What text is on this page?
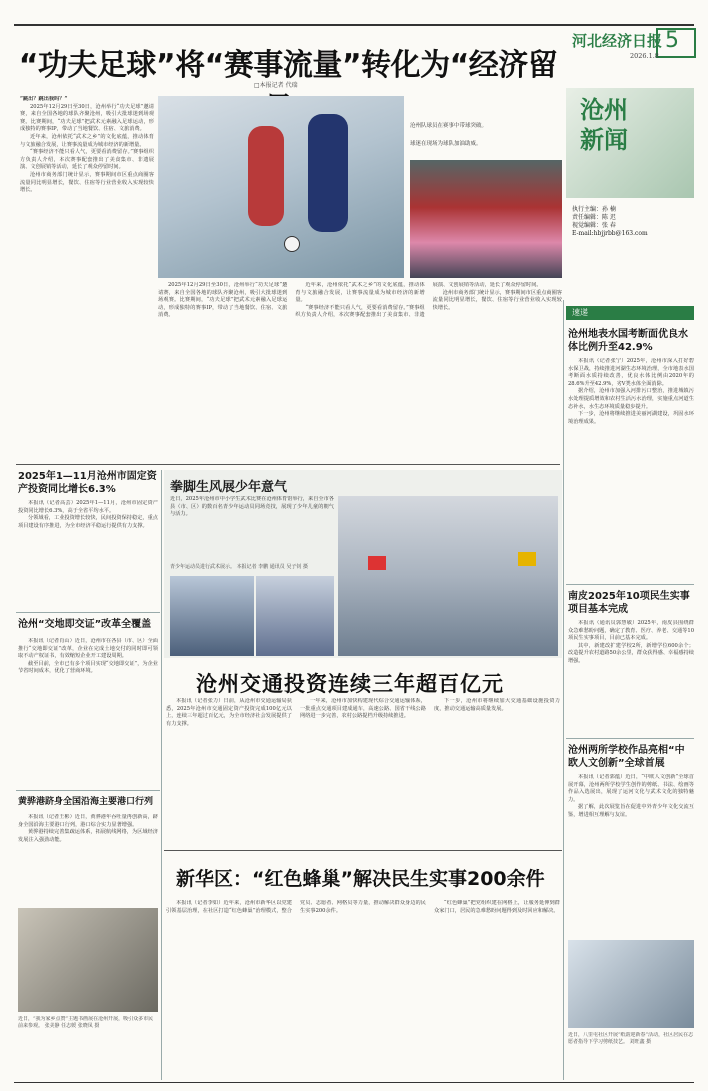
“功夫足球”将“赛事流量”转化为“经济留
□本报记者 代瑞
河北经济日报 5
2026.1.8
沧州新闻
执行主编：孙 楠
责任编辑：陈 迟
视觉编辑：张 春
E-mail:hbjjrbb@163.com

“跳出？跳出我吗？”

2025年12月29日至30日，沧州举行“功夫足球”邀请赛，来自全国各地的球队齐聚沧州，吸引大批球迷到场观赛。比赛期间，“功夫足球”把武术元素融入足球运动，形成独特的赛事IP，带动了当地餐饮、住宿、文旅消费。

近年来，沧州依托“武术之乡”的文化底蕴，推动体育与文旅融合发展，让赛事流量成为城市经济的新增量。

“赛事经济不能只看人气，更要看消费留存。”赛事组织方负责人介绍，本次赛事配套推出了美食集市、非遗展演、文创展销等活动，延长了观众停留时间。

沧州市商务部门统计显示，赛事期间市区重点商圈客流量同比明显增长，餐饮、住宿等行业营业收入实现较快增长。

沧州队球员在赛事中带球突破。
球迷在现场为球队加油助威。

2025年12月29日至30日，沧州举行“功夫足球”邀请赛，来自全国各地的球队齐聚沧州，吸引大批球迷到场观赛。比赛期间，“功夫足球”把武术元素融入足球运动，形成独特的赛事IP，带动了当地餐饮、住宿、文旅消费。

近年来，沧州依托“武术之乡”的文化底蕴，推动体育与文旅融合发展，让赛事流量成为城市经济的新增量。

“赛事经济不能只看人气，更要看消费留存。”赛事组织方负责人介绍，本次赛事配套推出了美食集市、非遗展演、文创展销等活动，延长了观众停留时间。

沧州市商务部门统计显示，赛事期间市区重点商圈客流量同比明显增长，餐饮、住宿等行业营业收入实现较快增长。

速递
沧州地表水国考断面优良水体比例升至42.9%

本报讯（记者张宁）2025年，沧州市深入打好碧水保卫战，持续推进河湖生态环境治理，全市地表水国考断面水质持续改善，优良水体比例由2020年的28.6%升至42.9%，劣Ⅴ类水体全面消除。

据介绍，沧州市加强入河排污口整治，推进城镇污水处理提质增效和农村生活污水治理，实施重点河道生态补水，水生态环境质量稳步提升。

下一步，沧州将继续推进美丽河湖建设，巩固水环境治理成果。

南皮2025年10项民生实事项目基本完成

本报讯（通讯员郭慧敏）2025年，南皮县围绕群众急难愁盼问题，确定了教育、医疗、养老、交通等10项民生实事项目，目前已基本完成。

其中，新建改扩建学校2所，新增学位600余个；改造提升农村道路50余公里，群众获得感、幸福感持续增强。

沧州两所学校作品亮相“中欧人文创新”全球首展

本报讯（记者郭蕴）近日，“中欧人文创新”全球首展开幕，沧州两所学校学生创作的剪纸、书法、绘画等作品入选展出，展现了运河文化与武术文化的独特魅力。

据了解，此次展览旨在促进中外青少年文化交流互鉴，增进相互理解与友谊。

近日，八里屯社区开展“纸韵迎新春”活动，社区居民在志愿者指导下学习剪纸技艺。 刘旺鑫 摄
2025年1—11月沧州市固定资产投资同比增长6.3%

本报讯（记者高芸）2025年1—11月，沧州市固定资产投资同比增长6.3%，高于全省平均水平。

分领域看，工业投资增长较快，民间投资保持稳定，重点项目建设有序推进，为全市经济平稳运行提供有力支撑。

沧州“交地即交证”改革全覆盖

本报讯（记者肖山）近日，沧州市在各县（市、区）全面推行“交地即交证”改革，企业在完成土地交付的同时即可领取不动产权证书，有效缩短企业开工建设周期。

截至目前，全市已有多个项目实现“交地即交证”，为企业节省时间成本，优化了营商环境。

黄骅港跻身全国沿海主要港口行列

本报讯（记者王彬）近日，黄骅港年吞吐量再创新高，跻身全国沿海主要港口行列，港口综合实力显著增强。

黄骅港持续完善集疏运体系，拓展航线网络，为区域经济发展注入强劲动能。

近日，“我为家乡点赞”主题书画展在沧州开展，吸引众多市民前来参观。 张美静 任志媛 张晓凤 摄
拳脚生风展少年意气
近日，2025年沧州市中小学生武术比赛在沧州体育馆举行，来自全市各县（市、区）的数百名青少年运动员同场竞技，展现了少年儿童的朝气与活力。
青少年运动员进行武术展示。 本报记者 李鹏 通讯员 吴子钊 摄
沧州交通投资连续三年超百亿元

本报讯（记者张力）日前，从沧州市交通运输局获悉，2025年沧州市交通固定资产投资完成100亿元以上，连续三年超过百亿元，为全市经济社会发展提供了有力支撑。

一年来，沧州市加快构建现代综合交通运输体系，一批重点交通项目建成通车，高速公路、国省干线公路网络进一步完善，农村公路提档升级持续推进。

下一步，沧州市将继续加大交通基础设施投资力度，推动交通运输高质量发展。

新华区：“红色蜂巢”解决民生实事200余件

本报讯（记者李如）近年来，沧州市新华区以党建引领基层治理，在社区打造“红色蜂巢”治理模式，整合党员、志愿者、网格员等力量，推动解决群众身边的民生实事200余件。

“红色蜂巢”把党组织建在网格上，让服务延伸到群众家门口，居民的急难愁盼问题得到及时回应和解决。
